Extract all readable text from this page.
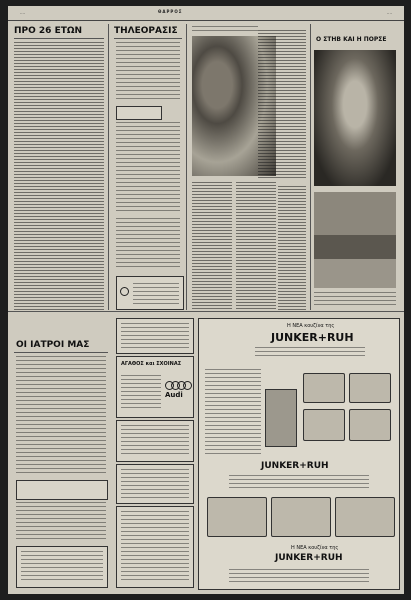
....	ΘΑΡΡΟΣ	....
ΠΡΟ 26 ΕΤΩΝ	ΤΗΛΕΟΡΑΣΙΣ
Ο ΣΤΗΒ ΚΑΙ Η ΠΟΡΣΕ
ΟΙ ΙΑΤΡΟΙ ΜΑΣ
ΑΓΑΘΟΣ και ΣΧΟΙΝΑΣ
Audi
Η ΝΕΑ κουζίνα της
JUNKER+RUH
JUNKER+RUH
Η ΝΕΑ κουζίνα της
JUNKER+RUH
